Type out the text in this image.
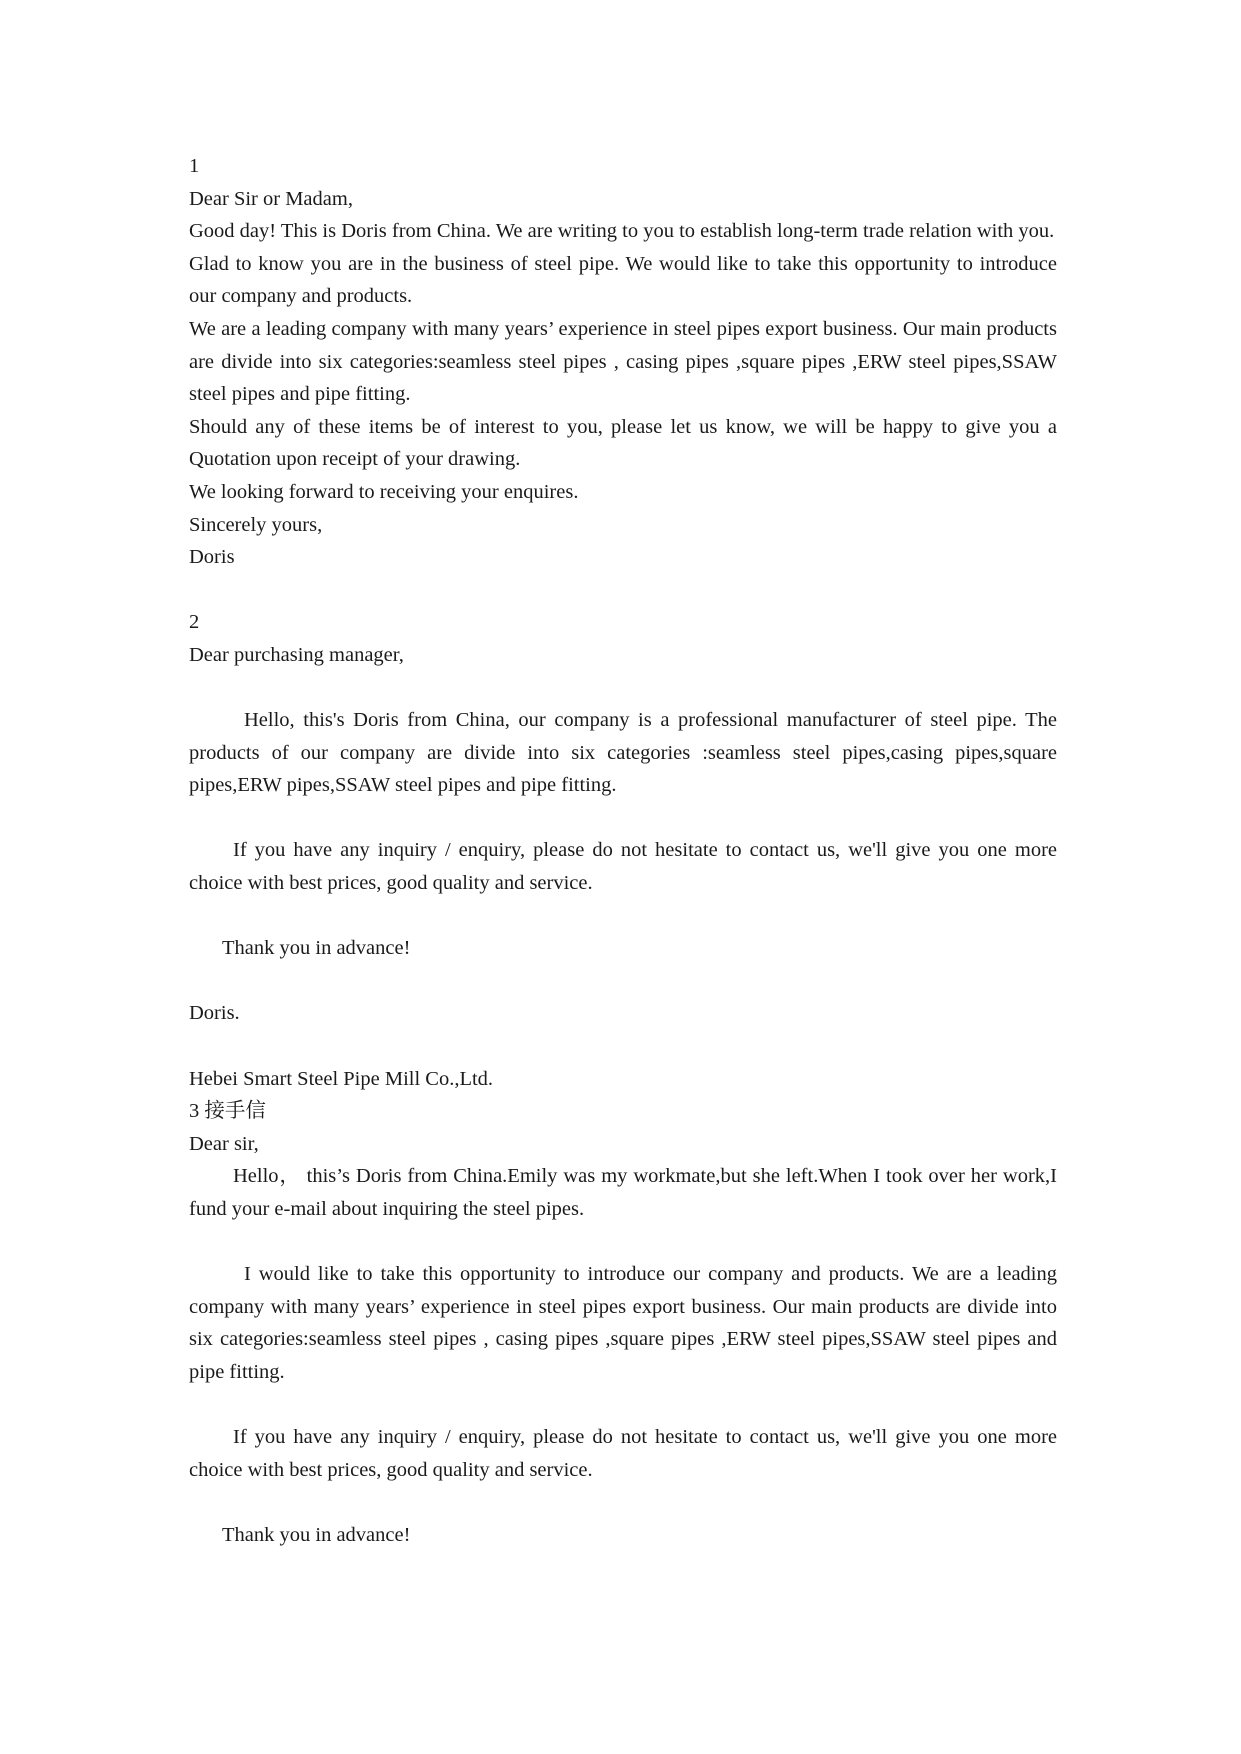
1

Dear Sir or Madam,

Good day! This is Doris from China. We are writing to you to establish long-term trade relation with you.

Glad to know you are in the business of steel pipe. We would like to take this opportunity to introduce our company and products.

We are a leading company with many years’ experience in steel pipes export business. Our main products are divide into six categories:seamless steel pipes , casing pipes ,square pipes ,ERW steel pipes,SSAW steel pipes and pipe fitting.

Should any of these items be of interest to you, please let us know, we will be happy to give you a Quotation upon receipt of your drawing.

We looking forward to receiving your enquires.

Sincerely yours,

Doris

2

Dear purchasing manager,

Hello, this's Doris from China, our company is a professional manufacturer of steel pipe. The products of our company are divide into six categories :seamless steel pipes,casing pipes,square pipes,ERW pipes,SSAW steel pipes and pipe fitting.

If you have any inquiry / enquiry, please do not hesitate to contact us, we'll give you one more choice with best prices, good quality and service.

Thank you in advance!

Doris.

Hebei Smart Steel Pipe Mill Co.,Ltd.

3 接手信

Dear sir,

Hello， this’s Doris from China.Emily was my workmate,but she left.When I took over her work,I fund your e-mail about inquiring the steel pipes.

I would like to take this opportunity to introduce our company and products. We are a leading company with many years’ experience in steel pipes export business. Our main products are divide into six categories:seamless steel pipes , casing pipes ,square pipes ,ERW steel pipes,SSAW steel pipes and pipe fitting.

If you have any inquiry / enquiry, please do not hesitate to contact us, we'll give you one more choice with best prices, good quality and service.

Thank you in advance!
